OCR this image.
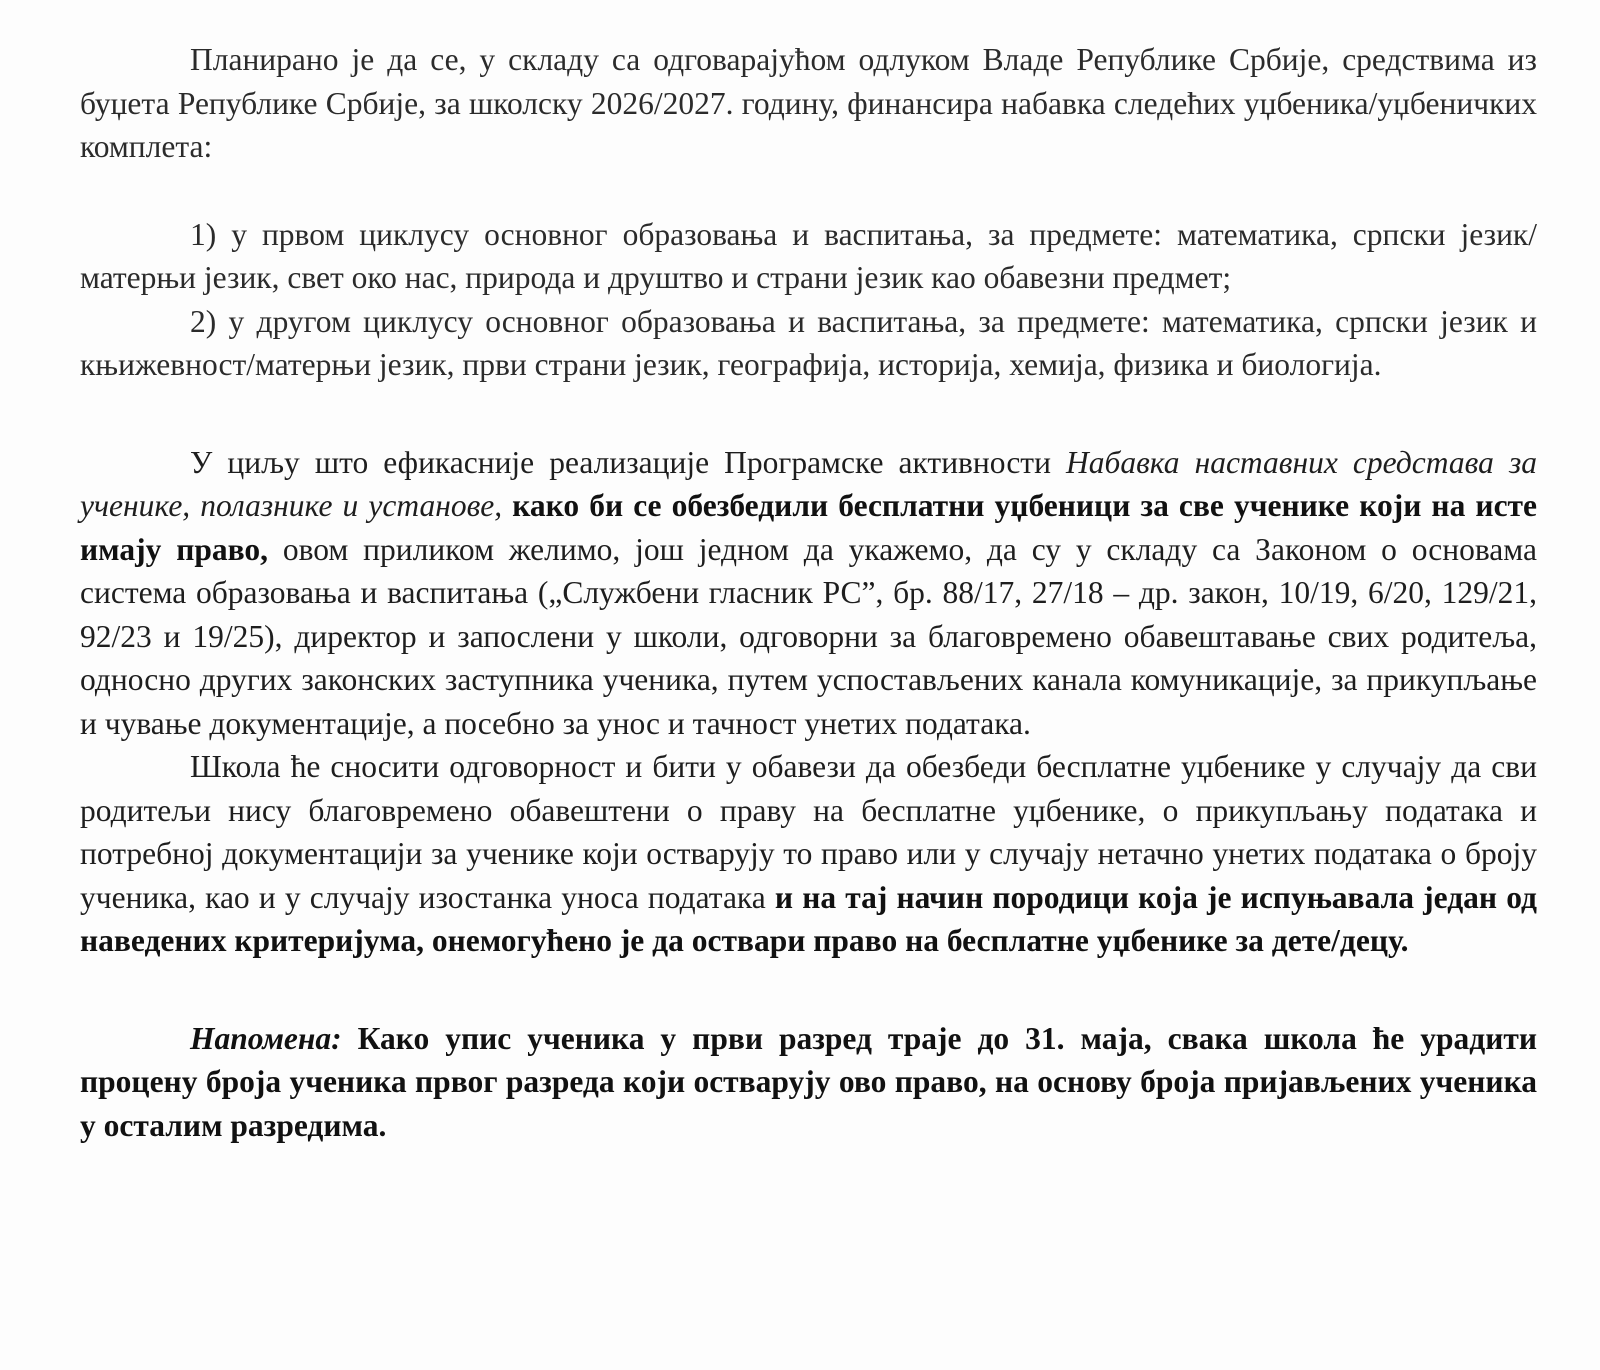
Планирано је да се, у складу са одговарајућом одлуком Владе Републике Србије, средствима из буџета Републике Србије, за школску 2026/2027. годину, финансира набавка следећих уџбеника/уџбеничких комплета:

1) у првом циклусу основног образовања и васпитања, за предмете: математика, српски језик/матерњи језик, свет око нас, природа и друштво и страни језик као обавезни предмет;

2) у другом циклусу основног образовања и васпитања, за предмете: математика, српски језик и књижевност/матерњи језик, први страни језик, географија, историја, хемија, физика и биологија.

У циљу што ефикасније реализације Програмске активности Набавка наставних средстава за ученике, полазнике и установе, како би се обезбедили бесплатни уџбеници за све ученике који на исте имају право, овом приликом желимо, још једном да укажемо, да су у складу са Законом о основама система образовања и васпитања („Службени гласник РС”, бр. 88/17, 27/18 – др. закон, 10/19, 6/20, 129/21, 92/23 и 19/25), директор и запослени у школи, одговорни за благовремено обавештавање свих родитеља, односно других законских заступника ученика, путем успостављених канала комуникације, за прикупљање и чување документације, а посебно за унос и тачност унетих података.

Школа ће сносити одговорност и бити у обавези да обезбеди бесплатне уџбенике у случају да сви родитељи нису благовремено обавештени о праву на бесплатне уџбенике, о прикупљању података и потребној документацији за ученике који остварују то право или у случају нетачно унетих података о броју ученика, као и у случају изостанка уноса података и на тај начин породици која је испуњавала један од наведених критеријума, онемогућено је да оствари право на бесплатне уџбенике за дете/децу.

Напомена: Како упис ученика у први разред траје до 31. маја, свака школа ће урадити процену броја ученика првог разреда који остварују ово право, на основу броја пријављених ученика у осталим разредима.
